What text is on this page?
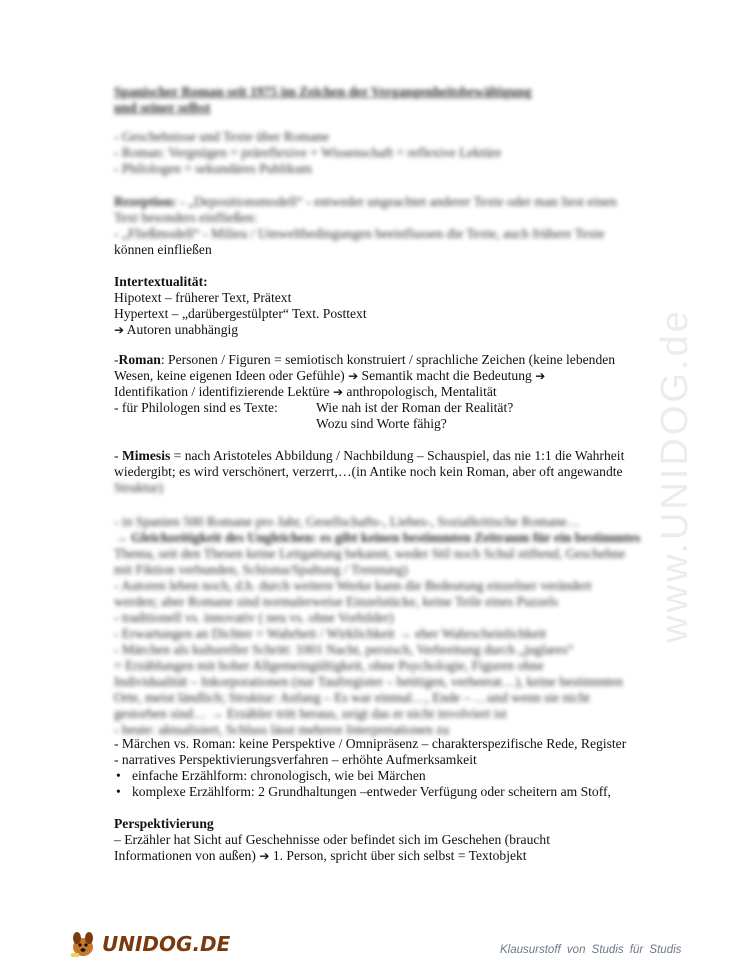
www.UNIDOG.de
Spanischer Roman seit 1975 im Zeichen der Vergangenheitsbewältigung
und seiner selbst
- Geschehnisse und Texte über Romane
- Roman: Vergnügen = präreflexive + Wissenschaft = reflexive Lektüre
- Philologen = sekundäres Publikum
Rezeption: - „Depositionsmodell“ - entweder ungeachtet anderer Texte oder man liest einen
Text besonders einfließen:
- „Fließmodell“ - Milieu / Umweltbedingungen beeinflussen die Texte, auch frühere Texte
können einfließen
Intertextualität:
Hipotext – früherer Text, Prätext
Hypertext – „darübergestülpter“ Text. Posttext
➔ Autoren unabhängig
-Roman: Personen / Figuren = semiotisch konstruiert / sprachliche Zeichen (keine lebenden
Wesen, keine eigenen Ideen oder Gefühle) ➔ Semantik macht die Bedeutung ➔
Identifikation / identifizierende Lektüre ➔ anthropologisch, Mentalität
- für Philologen sind es Texte:	Wie nah ist der Roman der Realität?
Wozu sind Worte fähig?
- Mimesis = nach Aristoteles Abbildung / Nachbildung – Schauspiel, das nie 1:1 die Wahrheit
wiedergibt; es wird verschönert, verzerrt,…(in Antike noch kein Roman, aber oft angewandte
Struktur)
- in Spanien 500 Romane pro Jahr, Gesellschafts-, Liebes-, Sozialkritische Romane…
→ Gleichzeitigkeit des Ungleichen: es gibt keinen bestimmten Zeitraum für ein bestimmtes
Thema, seit den Thesen keine Leitgattung bekannt, weder Stil noch Schul stiftend, Geschehne
mit Fiktion verbunden, Schisma/Spaltung / Trennung)
- Autoren leben noch, d.h. durch weitere Werke kann die Bedeutung einzelner verändert
werden; aber Romane sind normalerweise Einzelstücke, keine Teile eines Puzzels
- traditionell vs. innovativ ( neu vs. ohne Vorbilder)
- Erwartungen an Dichter = Wahrheit / Wirklichkeit → eher Wahrscheinlichkeit
- Märchen als kultureller Schritt: 1001 Nacht, persisch, Verbreitung durch „juglares“
= Erzählungen mit hoher Allgemeingültigkeit, ohne Psychologie, Figuren ohne
Individualität – Inkorporationen (nur Taufregister – betitigen, verheerat…), keine bestimmten
Orte, meist ländlich; Struktur: Anfang – Es war einmal…, Ende – …und wenn sie nicht
gestorben sind… → Erzähler tritt heraus, zeigt das er nicht involviert ist
- heute: aktualisiert, Schluss lässt mehrere Interpretationen zu
- Märchen vs. Roman: keine Perspektive / Omnipräsenz – charakterspezifische Rede, Register
- narratives Perspektivierungsverfahren – erhöhte Aufmerksamkeit
• einfache Erzählform: chronologisch, wie bei Märchen
• komplexe Erzählform: 2 Grundhaltungen –entweder Verfügung oder scheitern am Stoff,
Perspektivierung
– Erzähler hat Sicht auf Geschehnisse oder befindet sich im Geschehen (braucht
Informationen von außen) ➔ 1. Person, spricht über sich selbst = Textobjekt
UNIDOG.DE	Klausurstoff von Studis für Studis
